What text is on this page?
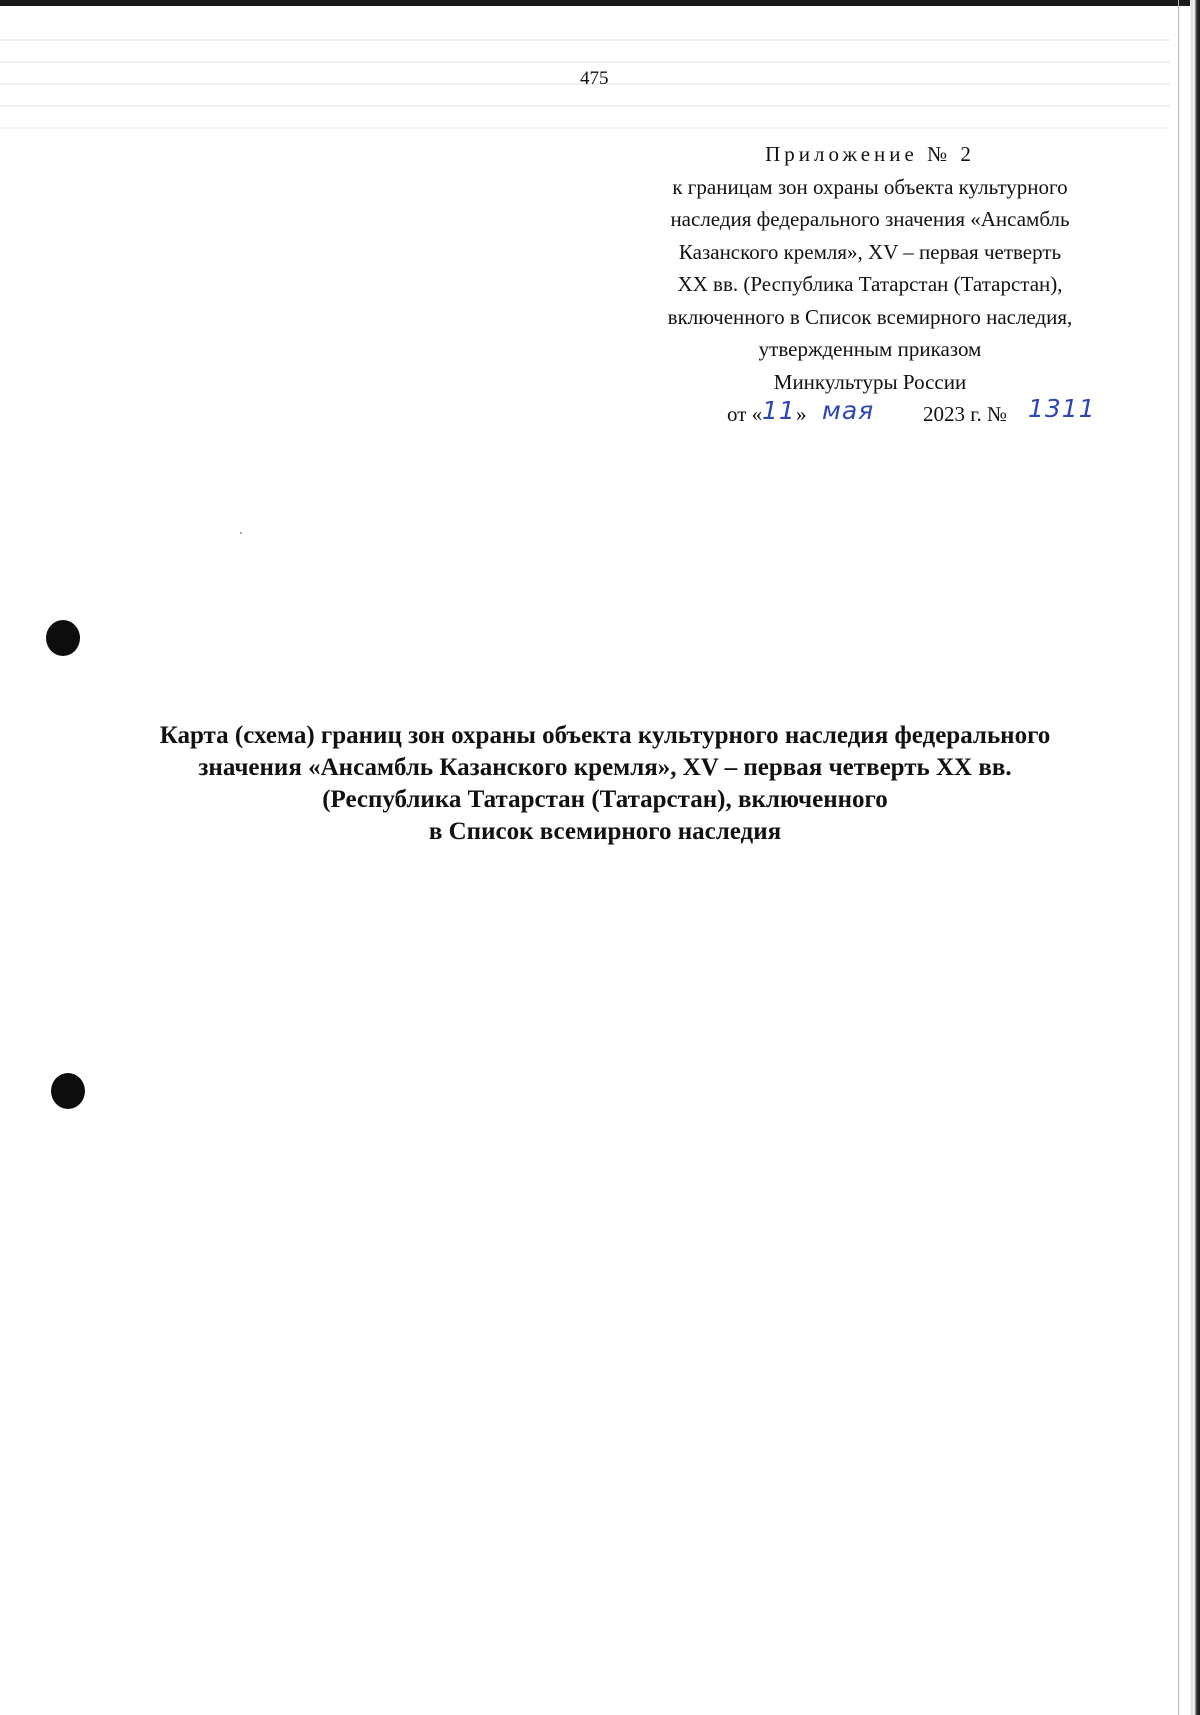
475
Приложение № 2
к границам зон охраны объекта культурного
наследия федерального значения «Ансамбль
Казанского кремля», XV – первая четверть
XX вв. (Республика Татарстан (Татарстан),
включенного в Список всемирного наследия,
утвержденным приказом
Минкультуры России
от « 11 » мая 2023 г. № 1311
Карта (схема) границ зон охраны объекта культурного наследия федерального
значения «Ансамбль Казанского кремля», XV – первая четверть XX вв.
(Республика Татарстан (Татарстан), включенного
в Список всемирного наследия
